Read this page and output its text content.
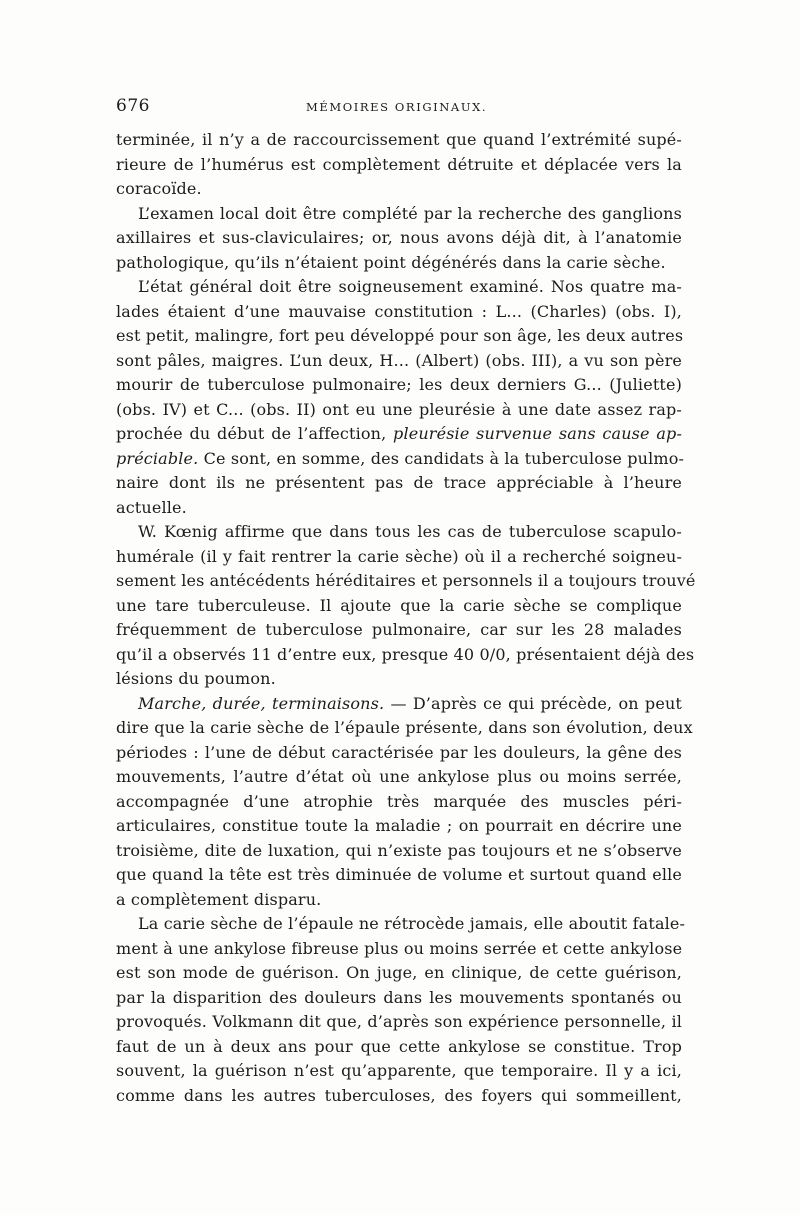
676	MÉMOIRES ORIGINAUX.
terminée, il n’y a de raccourcissement que quand l’extrémité supé-
rieure de l’humérus est complètement détruite et déplacée vers la
coracoïde.
L’examen local doit être complété par la recherche des ganglions
axillaires et sus-claviculaires; or, nous avons déjà dit, à l’anatomie
pathologique, qu’ils n’étaient point dégénérés dans la carie sèche.
L’état général doit être soigneusement examiné. Nos quatre ma-
lades étaient d’une mauvaise constitution : L... (Charles) (obs. I),
est petit, malingre, fort peu développé pour son âge, les deux autres
sont pâles, maigres. L’un deux, H... (Albert) (obs. III), a vu son père
mourir de tuberculose pulmonaire; les deux derniers G... (Juliette)
(obs. IV) et C... (obs. II) ont eu une pleurésie à une date assez rap-
prochée du début de l’affection, pleurésie survenue sans cause ap-
préciable. Ce sont, en somme, des candidats à la tuberculose pulmo-
naire dont ils ne présentent pas de trace appréciable à l’heure
actuelle.
W. Kœnig affirme que dans tous les cas de tuberculose scapulo-
humérale (il y fait rentrer la carie sèche) où il a recherché soigneu-
sement les antécédents héréditaires et personnels il a toujours trouvé
une tare tuberculeuse. Il ajoute que la carie sèche se complique
fréquemment de tuberculose pulmonaire, car sur les 28 malades
qu’il a observés 11 d’entre eux, presque 40 0/0, présentaient déjà des
lésions du poumon.
Marche, durée, terminaisons. — D’après ce qui précède, on peut
dire que la carie sèche de l’épaule présente, dans son évolution, deux
périodes : l’une de début caractérisée par les douleurs, la gêne des
mouvements, l’autre d’état où une ankylose plus ou moins serrée,
accompagnée d’une atrophie très marquée des muscles péri-
articulaires, constitue toute la maladie ; on pourrait en décrire une
troisième, dite de luxation, qui n’existe pas toujours et ne s’observe
que quand la tête est très diminuée de volume et surtout quand elle
a complètement disparu.
La carie sèche de l’épaule ne rétrocède jamais, elle aboutit fatale-
ment à une ankylose fibreuse plus ou moins serrée et cette ankylose
est son mode de guérison. On juge, en clinique, de cette guérison,
par la disparition des douleurs dans les mouvements spontanés ou
provoqués. Volkmann dit que, d’après son expérience personnelle, il
faut de un à deux ans pour que cette ankylose se constitue. Trop
souvent, la guérison n’est qu’apparente, que temporaire. Il y a ici,
comme dans les autres tuberculoses, des foyers qui sommeillent,
